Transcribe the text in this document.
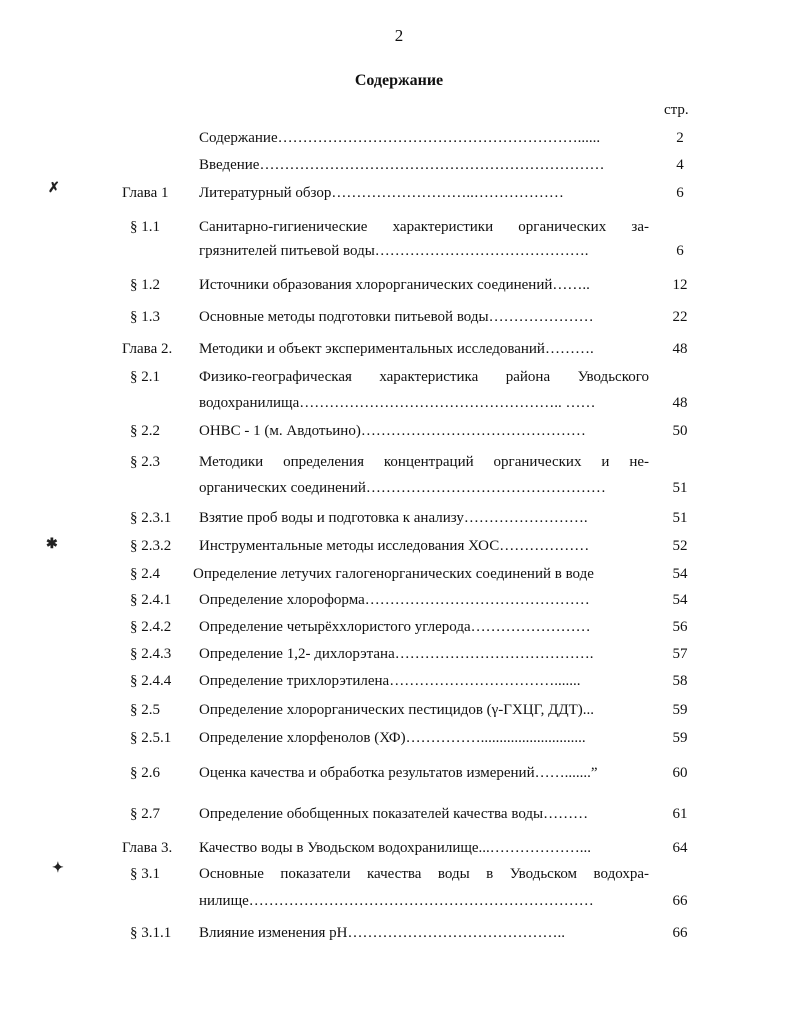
2
Содержание
стр.
✗
✱
✦
Содержание……………………………………………………......	2
Введение……………………………………………………………	4
Глава 1 Литературный обзор………………………..………………	6
§ 1.1	Санитарно-гигиенические характеристики органических за-
грязнителей питьевой воды…………………………………….	6
§ 1.2	Источники образования хлорорганических соединений……..	12
§ 1.3	Основные методы подготовки питьевой воды…………………	22
Глава 2. Методики и объект экспериментальных исследований……….	48
§ 2.1	Физико-географическая характеристика района Уводьского
водохранилища…………………………………………….. ……	48
§ 2.2	ОНВС - 1 (м. Авдотьино)………………………………………	50
§ 2.3	Методики определения концентраций органических и не-
органических соединений…………………………………………	51
§ 2.3.1 Взятие проб воды и подготовка к анализу…………………….	51
§ 2.3.2 Инструментальные методы исследования ХОС………………	52
§ 2.4 Определение летучих галогенорганических соединений в воде	54
§ 2.4.1 Определение хлороформа………………………………………	54
§ 2.4.2 Определение четырёххлористого углерода……………………	56
§ 2.4.3 Определение 1,2- дихлорэтана………………………………….	57
§ 2.4.4 Определение трихлорэтилена…………………………….......	58
§ 2.5	Определение хлорорганических пестицидов (γ-ГХЦГ, ДДТ)...	59
§ 2.5.1 Определение хлорфенолов (ХФ)……………............................	59
§ 2.6	Оценка качества и обработка результатов измерений…….......”	60
§ 2.7	Определение обобщенных показателей качества воды………	61
Глава 3. Качество воды в Уводьском водохранилище...………………...	64
§ 3.1	Основные показатели качества воды в Уводьском водохра-
нилище……………………………………………………………	66
§ 3.1.1 Влияние изменения pH……………………………………..	66
